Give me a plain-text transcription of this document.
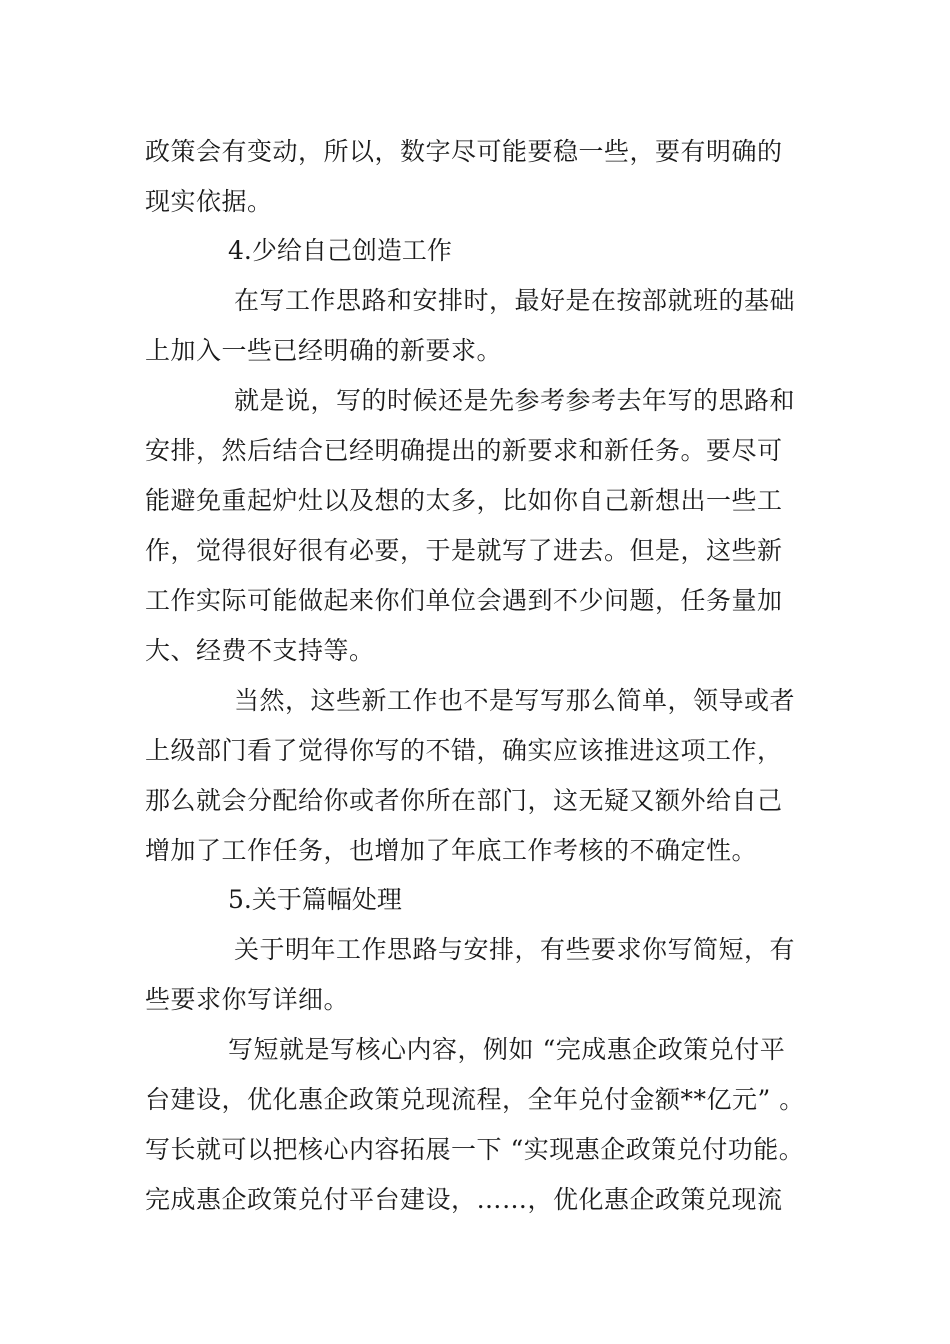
政策会有变动，所以，数字尽可能要稳一些，要有明确的
现实依据。
4.少给自己创造工作
在写工作思路和安排时，最好是在按部就班的基础
上加入一些已经明确的新要求。
就是说，写的时候还是先参考参考去年写的思路和
安排，然后结合已经明确提出的新要求和新任务。要尽可
能避免重起炉灶以及想的太多，比如你自己新想出一些工
作，觉得很好很有必要，于是就写了进去。但是，这些新
工作实际可能做起来你们单位会遇到不少问题，任务量加
大、经费不支持等。
当然，这些新工作也不是写写那么简单，领导或者
上级部门看了觉得你写的不错，确实应该推进这项工作，
那么就会分配给你或者你所在部门，这无疑又额外给自己
增加了工作任务，也增加了年底工作考核的不确定性。
5.关于篇幅处理
关于明年工作思路与安排，有些要求你写简短，有
些要求你写详细。
写短就是写核心内容，例如 “完成惠企政策兑付平
台建设，优化惠企政策兑现流程，全年兑付金额**亿元” 。
写长就可以把核心内容拓展一下 “实现惠企政策兑付功能。
完成惠企政策兑付平台建设，……，优化惠企政策兑现流
